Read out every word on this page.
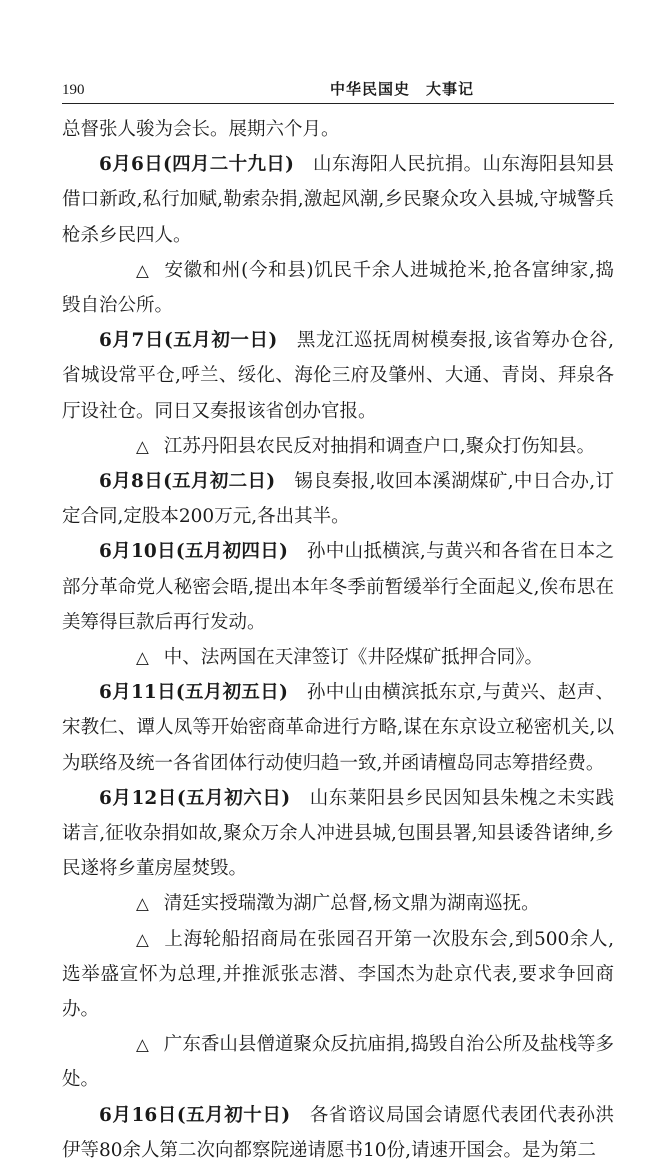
190	中华民国史　大事记

总督张人骏为会长。展期六个月。

6月6日(四月二十九日)　山东海阳人民抗捐。山东海阳县知县借口新政,私行加赋,勒索杂捐,激起风潮,乡民聚众攻入县城,守城警兵枪杀乡民四人。

△ 安徽和州(今和县)饥民千余人进城抢米,抢各富绅家,捣毁自治公所。

6月7日(五月初一日)　黑龙江巡抚周树模奏报,该省筹办仓谷,省城设常平仓,呼兰、绥化、海伦三府及肇州、大通、青岗、拜泉各厅设社仓。同日又奏报该省创办官报。

△ 江苏丹阳县农民反对抽捐和调查户口,聚众打伤知县。

6月8日(五月初二日)　锡良奏报,收回本溪湖煤矿,中日合办,订定合同,定股本200万元,各出其半。

6月10日(五月初四日)　孙中山抵横滨,与黄兴和各省在日本之部分革命党人秘密会晤,提出本年冬季前暂缓举行全面起义,俟布思在美筹得巨款后再行发动。

△ 中、法两国在天津签订《井陉煤矿抵押合同》。

6月11日(五月初五日)　孙中山由横滨抵东京,与黄兴、赵声、宋教仁、谭人凤等开始密商革命进行方略,谋在东京设立秘密机关,以为联络及统一各省团体行动使归趋一致,并函请檀岛同志筹措经费。

6月12日(五月初六日)　山东莱阳县乡民因知县朱槐之未实践诺言,征收杂捐如故,聚众万余人冲进县城,包围县署,知县诿咎诸绅,乡民遂将乡董房屋焚毁。

△ 清廷实授瑞澂为湖广总督,杨文鼎为湖南巡抚。

△ 上海轮船招商局在张园召开第一次股东会,到500余人,选举盛宣怀为总理,并推派张志潜、李国杰为赴京代表,要求争回商办。

△ 广东香山县僧道聚众反抗庙捐,捣毁自治公所及盐栈等多处。

6月16日(五月初十日)　各省谘议局国会请愿代表团代表孙洪伊等80余人第二次向都察院递请愿书10份,请速开国会。是为第二
